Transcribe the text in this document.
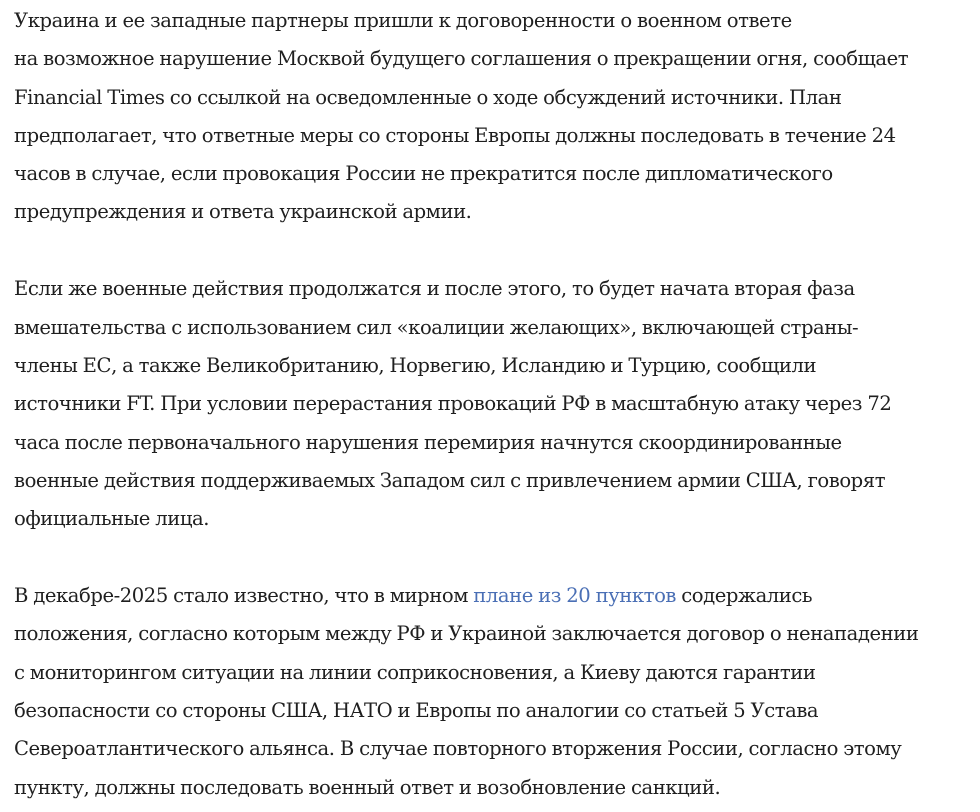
Украина и ее западные партнеры пришли к договоренности о военном ответе
на возможное нарушение Москвой будущего соглашения о прекращении огня, сообщает
Financial Times со ссылкой на осведомленные о ходе обсуждений источники. План
предполагает, что ответные меры со стороны Европы должны последовать в течение 24
часов в случае, если провокация России не прекратится после дипломатического
предупреждения и ответа украинской армии.

Если же военные действия продолжатся и после этого, то будет начата вторая фаза
вмешательства с использованием сил «коалиции желающих», включающей страны-
члены ЕС, а также Великобританию, Норвегию, Исландию и Турцию, сообщили
источники FT. При условии перерастания провокаций РФ в масштабную атаку через 72
часа после первоначального нарушения перемирия начнутся скоординированные
военные действия поддерживаемых Западом сил с привлечением армии США, говорят
официальные лица.

В декабре-2025 стало известно, что в мирном плане из 20 пунктов содержались
положения, согласно которым между РФ и Украиной заключается договор о ненападении
с мониторингом ситуации на линии соприкосновения, а Киеву даются гарантии
безопасности со стороны США, НАТО и Европы по аналогии со статьей 5 Устава
Североатлантического альянса. В случае повторного вторжения России, согласно этому
пункту, должны последовать военный ответ и возобновление санкций.
